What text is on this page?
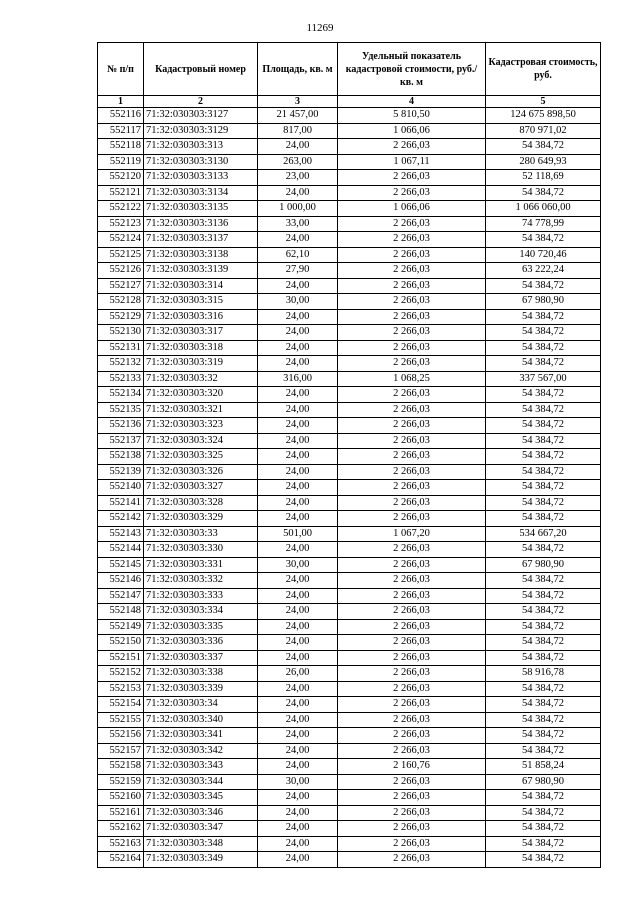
11269
№ п/п	Кадастровый номер	Площадь, кв. м	Удельный показатель кадастровой стоимости, руб./кв. м	Кадастровая стоимость, руб.
1	2	3	4	5
552116	71:32:030303:3127	21 457,00	5 810,50	124 675 898,50
552117	71:32:030303:3129	817,00	1 066,06	870 971,02
552118	71:32:030303:313	24,00	2 266,03	54 384,72
552119	71:32:030303:3130	263,00	1 067,11	280 649,93
552120	71:32:030303:3133	23,00	2 266,03	52 118,69
552121	71:32:030303:3134	24,00	2 266,03	54 384,72
552122	71:32:030303:3135	1 000,00	1 066,06	1 066 060,00
552123	71:32:030303:3136	33,00	2 266,03	74 778,99
552124	71:32:030303:3137	24,00	2 266,03	54 384,72
552125	71:32:030303:3138	62,10	2 266,03	140 720,46
552126	71:32:030303:3139	27,90	2 266,03	63 222,24
552127	71:32:030303:314	24,00	2 266,03	54 384,72
552128	71:32:030303:315	30,00	2 266,03	67 980,90
552129	71:32:030303:316	24,00	2 266,03	54 384,72
552130	71:32:030303:317	24,00	2 266,03	54 384,72
552131	71:32:030303:318	24,00	2 266,03	54 384,72
552132	71:32:030303:319	24,00	2 266,03	54 384,72
552133	71:32:030303:32	316,00	1 068,25	337 567,00
552134	71:32:030303:320	24,00	2 266,03	54 384,72
552135	71:32:030303:321	24,00	2 266,03	54 384,72
552136	71:32:030303:323	24,00	2 266,03	54 384,72
552137	71:32:030303:324	24,00	2 266,03	54 384,72
552138	71:32:030303:325	24,00	2 266,03	54 384,72
552139	71:32:030303:326	24,00	2 266,03	54 384,72
552140	71:32:030303:327	24,00	2 266,03	54 384,72
552141	71:32:030303:328	24,00	2 266,03	54 384,72
552142	71:32:030303:329	24,00	2 266,03	54 384,72
552143	71:32:030303:33	501,00	1 067,20	534 667,20
552144	71:32:030303:330	24,00	2 266,03	54 384,72
552145	71:32:030303:331	30,00	2 266,03	67 980,90
552146	71:32:030303:332	24,00	2 266,03	54 384,72
552147	71:32:030303:333	24,00	2 266,03	54 384,72
552148	71:32:030303:334	24,00	2 266,03	54 384,72
552149	71:32:030303:335	24,00	2 266,03	54 384,72
552150	71:32:030303:336	24,00	2 266,03	54 384,72
552151	71:32:030303:337	24,00	2 266,03	54 384,72
552152	71:32:030303:338	26,00	2 266,03	58 916,78
552153	71:32:030303:339	24,00	2 266,03	54 384,72
552154	71:32:030303:34	24,00	2 266,03	54 384,72
552155	71:32:030303:340	24,00	2 266,03	54 384,72
552156	71:32:030303:341	24,00	2 266,03	54 384,72
552157	71:32:030303:342	24,00	2 266,03	54 384,72
552158	71:32:030303:343	24,00	2 160,76	51 858,24
552159	71:32:030303:344	30,00	2 266,03	67 980,90
552160	71:32:030303:345	24,00	2 266,03	54 384,72
552161	71:32:030303:346	24,00	2 266,03	54 384,72
552162	71:32:030303:347	24,00	2 266,03	54 384,72
552163	71:32:030303:348	24,00	2 266,03	54 384,72
552164	71:32:030303:349	24,00	2 266,03	54 384,72
